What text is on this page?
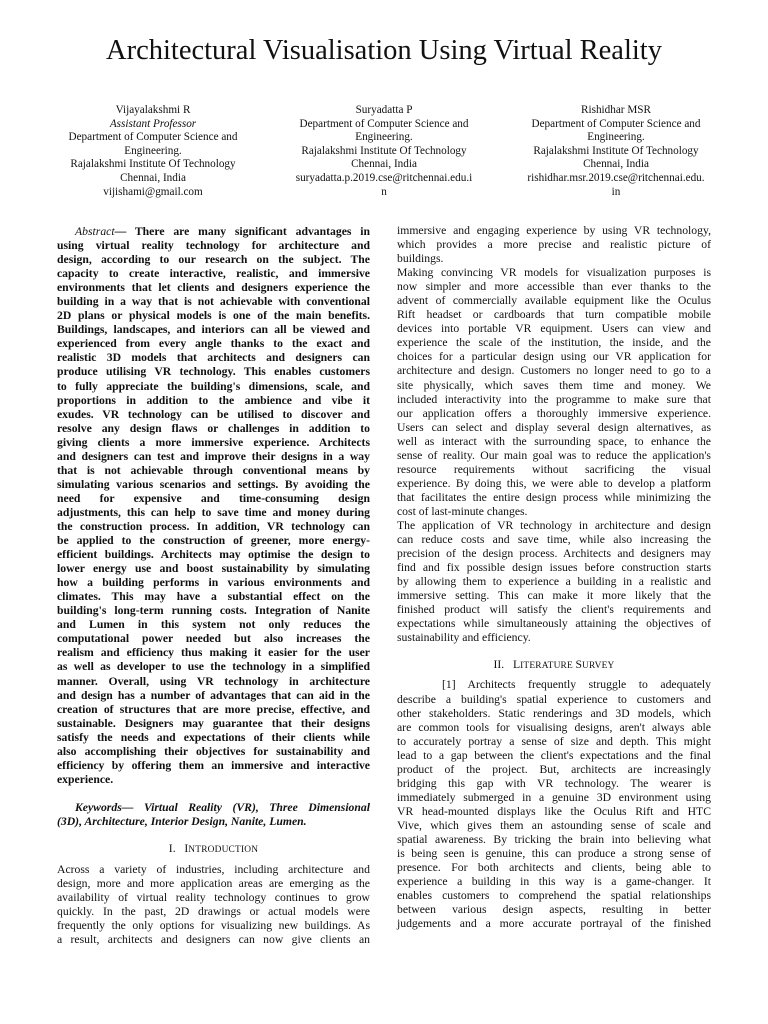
Architectural Visualisation Using Virtual Reality
Vijayalakshmi R
Assistant Professor
Department of Computer Science and
Engineering.
Rajalakshmi Institute Of Technology
Chennai, India
vijishami@gmail.com
Suryadatta P
Department of Computer Science and
Engineering.
Rajalakshmi Institute Of Technology
Chennai, India
suryadatta.p.2019.cse@ritchennai.edu.i
n
Rishidhar MSR
Department of Computer Science and
Engineering.
Rajalakshmi Institute Of Technology
Chennai, India
rishidhar.msr.2019.cse@ritchennai.edu.
in
Abstract— There are many significant advantages in
using virtual reality technology for architecture and
design, according to our research on the subject. The
capacity to create interactive, realistic, and immersive
environments that let clients and designers experience the
building in a way that is not achievable with conventional
2D plans or physical models is one of the main benefits.
Buildings, landscapes, and interiors can all be viewed and
experienced from every angle thanks to the exact and
realistic 3D models that architects and designers can
produce utilising VR technology. This enables customers
to fully appreciate the building's dimensions, scale, and
proportions in addition to the ambience and vibe it
exudes. VR technology can be utilised to discover and
resolve any design flaws or challenges in addition to
giving clients a more immersive experience. Architects
and designers can test and improve their designs in a way
that is not achievable through conventional means by
simulating various scenarios and settings. By avoiding the
need for expensive and time-consuming design
adjustments, this can help to save time and money during
the construction process. In addition, VR technology can
be applied to the construction of greener, more energy-
efficient buildings. Architects may optimise the design to
lower energy use and boost sustainability by simulating
how a building performs in various environments and
climates. This may have a substantial effect on the
building's long-term running costs. Integration of Nanite
and Lumen in this system not only reduces the
computational power needed but also increases the
realism and efficiency thus making it easier for the user
as well as developer to use the technology in a simplified
manner. Overall, using VR technology in architecture
and design has a number of advantages that can aid in the
creation of structures that are more precise, effective, and
sustainable. Designers may guarantee that their designs
satisfy the needs and expectations of their clients while
also accomplishing their objectives for sustainability and
efficiency by offering them an immersive and interactive
experience.
Keywords— Virtual Reality (VR), Three Dimensional
(3D), Architecture, Interior Design, Nanite, Lumen.
I. INTRODUCTION
Across a variety of industries, including architecture and
design, more and more application areas are emerging as the
availability of virtual reality technology continues to grow
quickly. In the past, 2D drawings or actual models were
frequently the only options for visualizing new buildings. As
a result, architects and designers can now give clients an
immersive and engaging experience by using VR technology,
which provides a more precise and realistic picture of
buildings.
Making convincing VR models for visualization purposes is
now simpler and more accessible than ever thanks to the
advent of commercially available equipment like the Oculus
Rift headset or cardboards that turn compatible mobile
devices into portable VR equipment. Users can view and
experience the scale of the institution, the inside, and the
choices for a particular design using our VR application for
architecture and design. Customers no longer need to go to a
site physically, which saves them time and money. We
included interactivity into the programme to make sure that
our application offers a thoroughly immersive experience.
Users can select and display several design alternatives, as
well as interact with the surrounding space, to enhance the
sense of reality. Our main goal was to reduce the application's
resource requirements without sacrificing the visual
experience. By doing this, we were able to develop a platform
that facilitates the entire design process while minimizing the
cost of last-minute changes.
The application of VR technology in architecture and design
can reduce costs and save time, while also increasing the
precision of the design process. Architects and designers may
find and fix possible design issues before construction starts
by allowing them to experience a building in a realistic and
immersive setting. This can make it more likely that the
finished product will satisfy the client's requirements and
expectations while simultaneously attaining the objectives of
sustainability and efficiency.
II. LITERATURE SURVEY
[1] Architects frequently struggle to adequately
describe a building's spatial experience to customers and
other stakeholders. Static renderings and 3D models, which
are common tools for visualising designs, aren't always able
to accurately portray a sense of size and depth. This might
lead to a gap between the client's expectations and the final
product of the project. But, architects are increasingly
bridging this gap with VR technology. The wearer is
immediately submerged in a genuine 3D environment using
VR head-mounted displays like the Oculus Rift and HTC
Vive, which gives them an astounding sense of scale and
spatial awareness. By tricking the brain into believing what
is being seen is genuine, this can produce a strong sense of
presence. For both architects and clients, being able to
experience a building in this way is a game-changer. It
enables customers to comprehend the spatial relationships
between various design aspects, resulting in better
judgements and a more accurate portrayal of the finished
